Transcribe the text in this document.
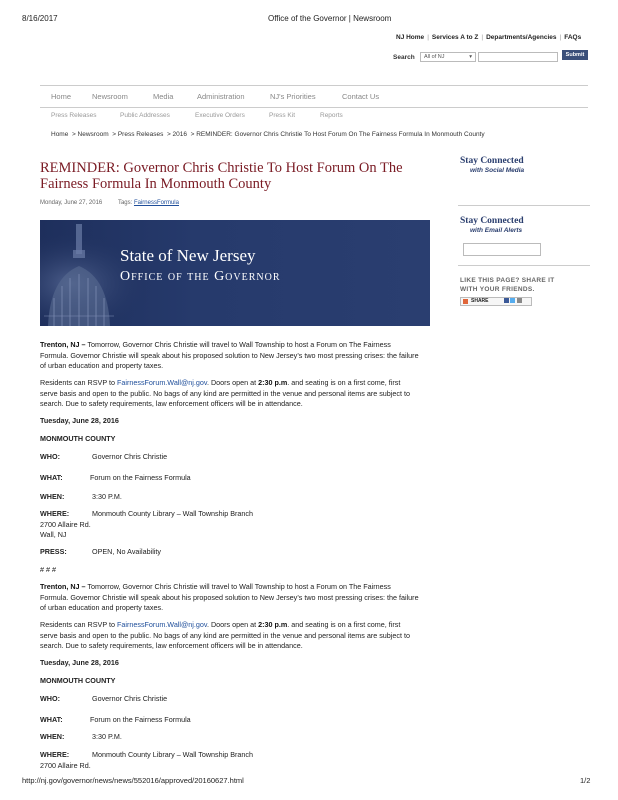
8/16/2017	Office of the Governor | Newsroom
NJ Home | Services A to Z | Departments/Agencies | FAQs
Search	All of NJ	▾	Submit
Home	Newsroom	Media	Administration	NJ's Priorities	Contact Us
Press Releases	Public Addresses	Executive Orders	Press Kit	Reports
Home  > Newsroom  > Press Releases  > 2016  > REMINDER: Governor Chris Christie To Host Forum On The Fairness Formula In Monmouth County
REMINDER: Governor Chris Christie To Host Forum On The
Fairness Formula In Monmouth County
Monday, June 27, 2016	Tags: FairnessFormula
State of New Jersey
Office of the Governor
Stay Connected
with Social Media
Stay Connected
with Email Alerts
LIKE THIS PAGE? SHARE IT
WITH YOUR FRIENDS.
SHARE
Trenton, NJ – Tomorrow, Governor Chris Christie will travel to Wall Township to host a Forum on The Fairness
Formula. Governor Christie will speak about his proposed solution to New Jersey’s two most pressing crises: the failure
of urban education and property taxes.
Residents can RSVP to FairnessForum.Wall@nj.gov. Doors open at 2:30 p.m. and seating is on a first come, first
serve basis and open to the public. No bags of any kind are permitted in the venue and personal items are subject to
search. Due to safety requirements, law enforcement officers will be in attendance.
Tuesday, June 28, 2016
MONMOUTH COUNTY
WHO:	Governor Chris Christie
WHAT:	Forum on the Fairness Formula
WHEN:	3:30 P.M.
WHERE:	Monmouth County Library – Wall Township Branch
2700 Allaire Rd.
Wall, NJ
PRESS:	OPEN, No Availability
# # #
Trenton, NJ – Tomorrow, Governor Chris Christie will travel to Wall Township to host a Forum on The Fairness
Formula. Governor Christie will speak about his proposed solution to New Jersey’s two most pressing crises: the failure
of urban education and property taxes.
Residents can RSVP to FairnessForum.Wall@nj.gov. Doors open at 2:30 p.m. and seating is on a first come, first
serve basis and open to the public. No bags of any kind are permitted in the venue and personal items are subject to
search. Due to safety requirements, law enforcement officers will be in attendance.
Tuesday, June 28, 2016
MONMOUTH COUNTY
WHO:	Governor Chris Christie
WHAT:	Forum on the Fairness Formula
WHEN:	3:30 P.M.
WHERE:	Monmouth County Library – Wall Township Branch
2700 Allaire Rd.
http://nj.gov/governor/news/news/552016/approved/20160627.html	1/2
